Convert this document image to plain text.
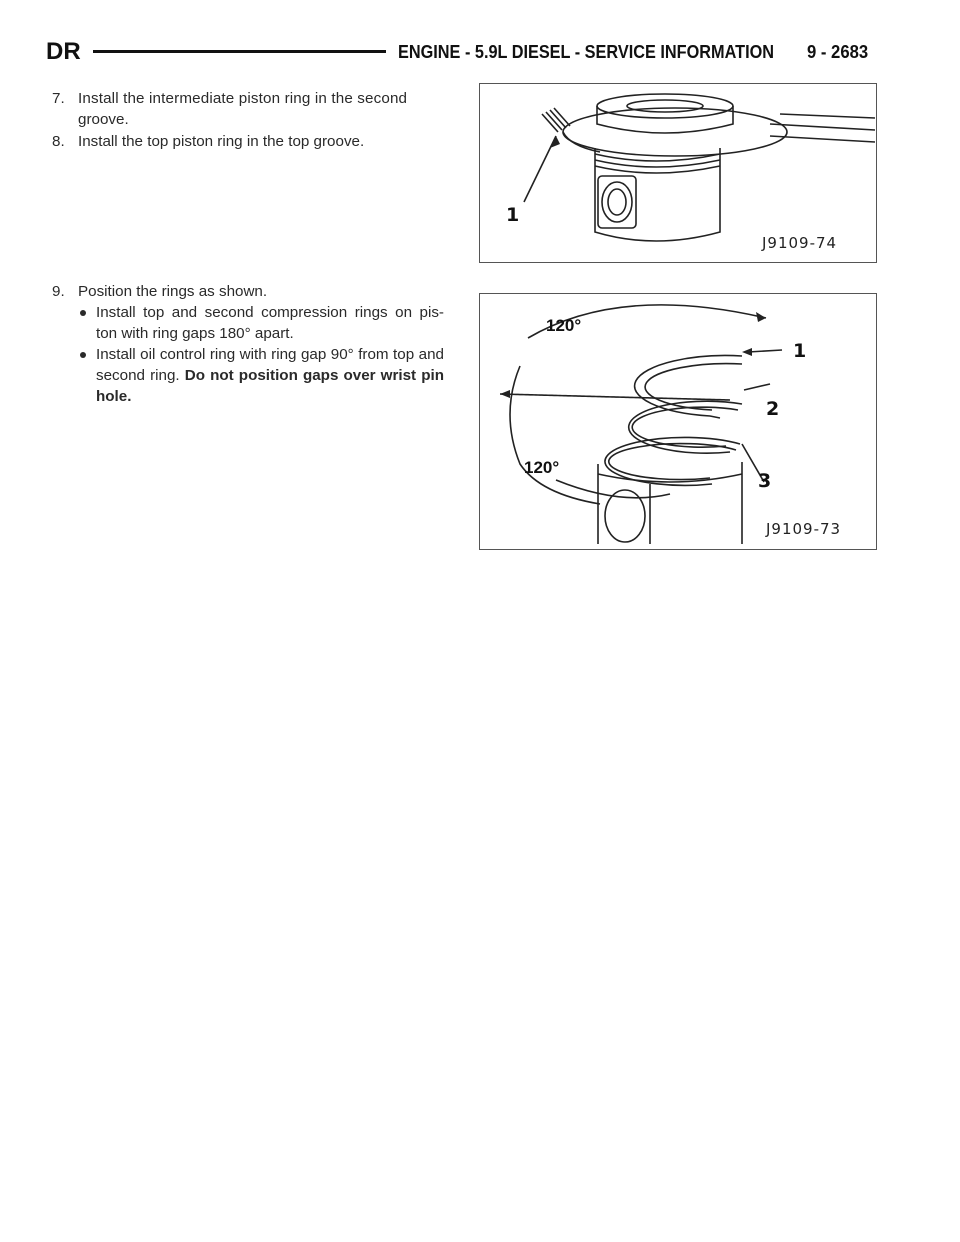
DR	ENGINE - 5.9L DIESEL - SERVICE INFORMATION 9 - 2683
7. Install the intermediate piston ring in the second
groove.
8. Install the top piston ring in the top groove.
9. Position the rings as shown.
Install top and second compression rings on pis- ton with ring gaps 180° apart.
Install oil control ring with ring gap 90° from top and second ring. Do not position gaps over wrist pin hole.
1
J9109-74
120°
120°
1
2
3
J9109-73
